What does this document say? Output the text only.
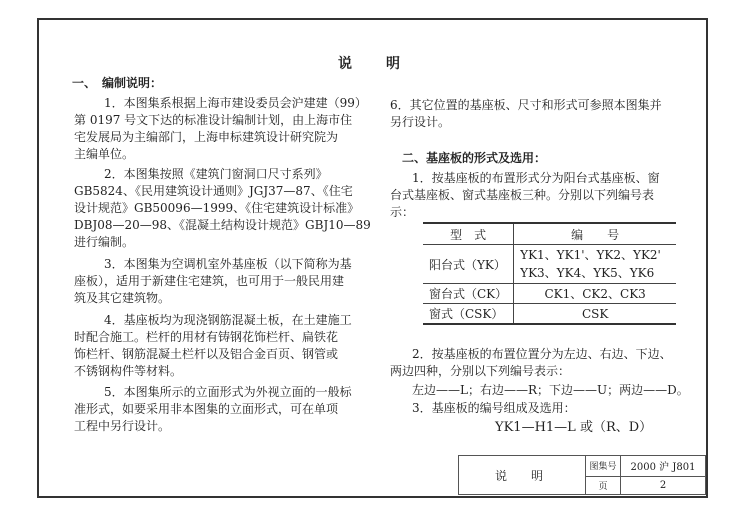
说　　明
一、　编制说明：
1．本图集系根据上海市建设委员会沪建建（99）
第 0197 号文下达的标准设计编制计划，由上海市住
宅发展局为主编部门，上海申标建筑设计研究院为
主编单位。
2．本图集按照《建筑门窗洞口尺寸系列》
GB5824、《民用建筑设计通则》JGJ37—87、《住宅
设计规范》GB50096—1999、《住宅建筑设计标准》
DBJ08—20—98、《混凝土结构设计规范》GBJ10—89
进行编制。
3．本图集为空调机室外基座板（以下简称为基
座板），适用于新建住宅建筑，也可用于一般民用建
筑及其它建筑物。
4．基座板均为现浇钢筋混凝土板，在土建施工
时配合施工。栏杆的用材有铸钢花饰栏杆、扁铁花
饰栏杆、钢筋混凝土栏杆以及铝合金百页、钢管或
不锈钢构件等材料。
5．本图集所示的立面形式为外视立面的一般标
准形式，如要采用非本图集的立面形式，可在单项
工程中另行设计。
6．其它位置的基座板、尺寸和形式可参照本图集并
另行设计。
二、基座板的形式及选用：
1．按基座板的布置形式分为阳台式基座板、窗
台式基座板、窗式基座板三种。分别以下列编号表
示：
型　式	编　　号
阳台式（YK）	YK1、YK1'、YK2、YK2'
YK3、YK4、YK5、YK6

窗台式（CK）	CK1、CK2、CK3
窗式（CSK）	CSK
2．按基座板的布置位置分为左边、右边、下边、
两边四种，分别以下列编号表示：
左边——L；右边——R；下边——U；两边——D。
3．基座板的编号组成及选用：
YK1—H1—L 或（R、D）
说　明	图集号	2000 沪 J801
	页	2
